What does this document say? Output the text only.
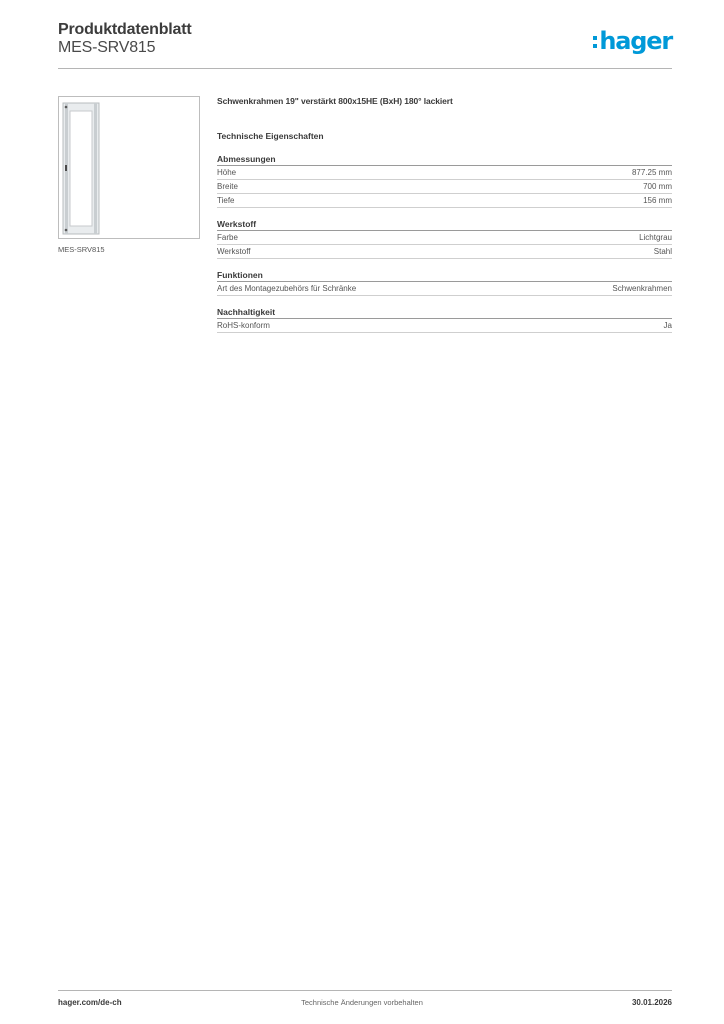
Produktdatenblatt
MES-SRV815	hager
MES-SRV815
Schwenkrahmen 19" verstärkt 800x15HE (BxH) 180° lackiert
Technische Eigenschaften
Abmessungen
Höhe	877.25 mm
Breite	700 mm
Tiefe	156 mm
Werkstoff
Farbe	Lichtgrau
Werkstoff	Stahl
Funktionen
Art des Montagezubehörs für Schränke	Schwenkrahmen
Nachhaltigkeit
RoHS-konform	Ja
hager.com/de-ch	Technische Änderungen vorbehalten	30.01.2026
